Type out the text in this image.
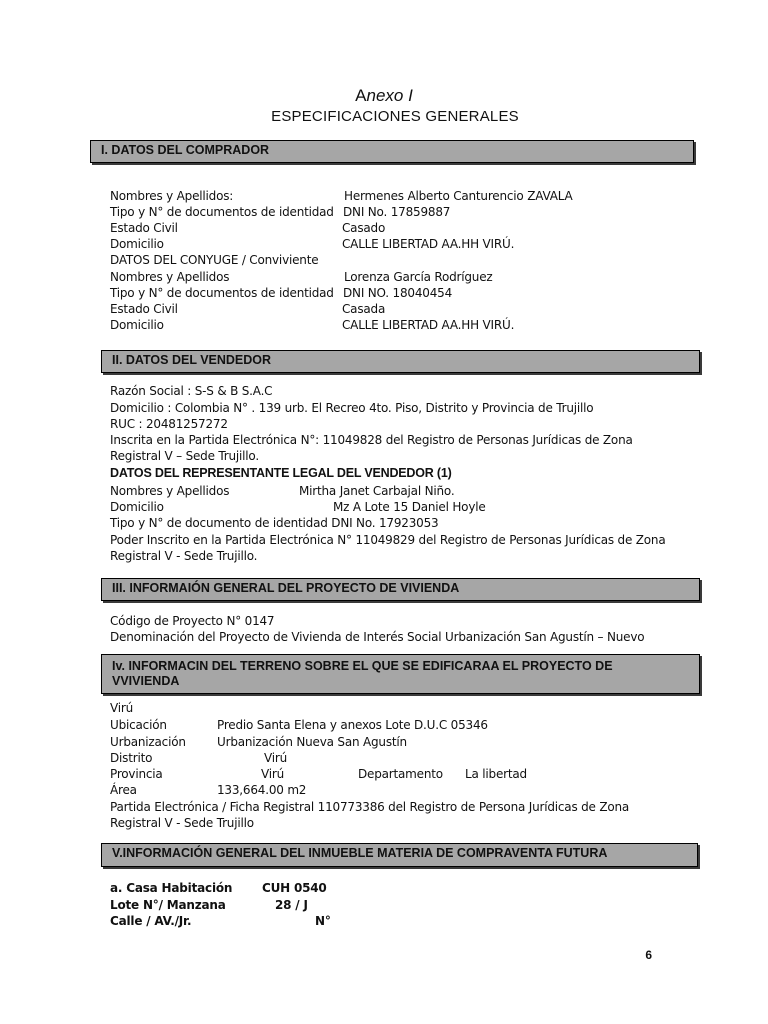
Anexo I
ESPECIFICACIONES GENERALES
I. DATOS DEL COMPRADOR
Nombres y Apellidos:	Hermenes Alberto Canturencio ZAVALA
Tipo y N° de documentos de identidad DNI No. 17859887
Estado Civil	Casado
Domicilio	CALLE LIBERTAD AA.HH VIRÚ.
DATOS DEL CONYUGE / Conviviente
Nombres y Apellidos	Lorenza García Rodríguez
Tipo y N° de documentos de identidad DNI NO. 18040454
Estado Civil	Casada
Domicilio	CALLE LIBERTAD AA.HH VIRÚ.
II. DATOS DEL VENDEDOR
Razón Social : S-S & B S.A.C
Domicilio : Colombia N° . 139 urb. El Recreo 4to. Piso, Distrito y Provincia de Trujillo
RUC : 20481257272
Inscrita en la Partida Electrónica N°: 11049828 del Registro de Personas Jurídicas de Zona
Registral V – Sede Trujillo.
DATOS DEL REPRESENTANTE LEGAL DEL VENDEDOR (1)
Nombres y Apellidos	Mirtha Janet Carbajal Niño.
Domicilio	Mz A Lote 15 Daniel Hoyle
Tipo y N° de documento de identidad DNI No. 17923053
Poder Inscrito en la Partida Electrónica N° 11049829 del Registro de Personas Jurídicas de Zona
Registral V - Sede Trujillo.
III. INFORMAIÓN GENERAL DEL PROYECTO DE VIVIENDA
Código de Proyecto N° 0147
Denominación del Proyecto de Vivienda de Interés Social Urbanización San Agustín – Nuevo
Iv. INFORMACIN DEL TERRENO SOBRE EL QUE SE EDIFICARAA EL PROYECTO DE
VVIVIENDA
Virú
Ubicación	Predio Santa Elena y anexos Lote D.U.C 05346
Urbanización	Urbanización Nueva San Agustín
Distrito	Virú
Provincia	Virú	Departamento La libertad
Área	133,664.00 m2
Partida Electrónica / Ficha Registral 110773386 del Registro de Persona Jurídicas de Zona
Registral V - Sede Trujillo
V.INFORMACIÓN GENERAL DEL INMUEBLE MATERIA DE COMPRAVENTA FUTURA
a. Casa Habitación CUH 0540
Lote N°/ Manzana	28 / J
Calle / AV./Jr.	N°
6
